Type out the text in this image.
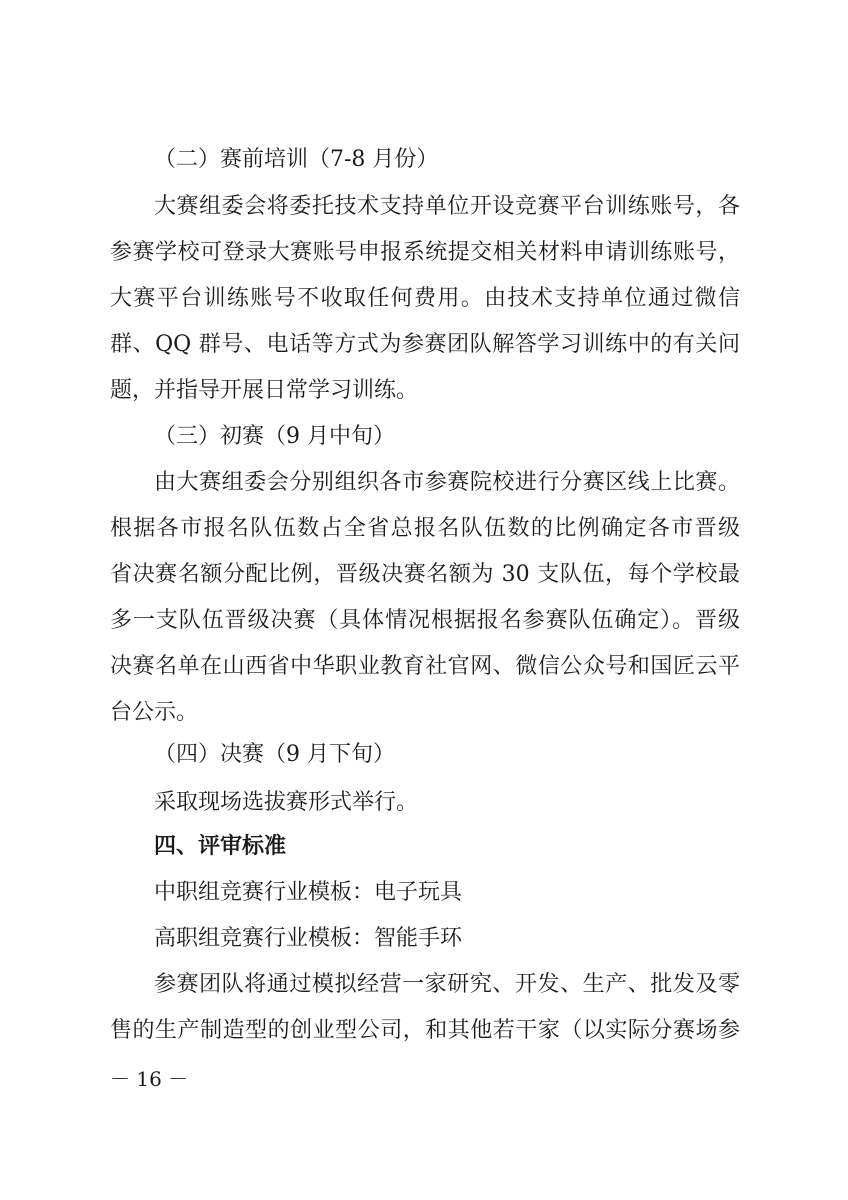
（二）赛前培训（7-8 月份）
大赛组委会将委托技术支持单位开设竞赛平台训练账号，各
参赛学校可登录大赛账号申报系统提交相关材料申请训练账号，
大赛平台训练账号不收取任何费用。由技术支持单位通过微信
群、QQ 群号、电话等方式为参赛团队解答学习训练中的有关问
题，并指导开展日常学习训练。
（三）初赛（9 月中旬）
由大赛组委会分别组织各市参赛院校进行分赛区线上比赛。
根据各市报名队伍数占全省总报名队伍数的比例确定各市晋级
省决赛名额分配比例，晋级决赛名额为 30 支队伍，每个学校最
多一支队伍晋级决赛（具体情况根据报名参赛队伍确定）。晋级
决赛名单在山西省中华职业教育社官网、微信公众号和国匠云平
台公示。
（四）决赛（9 月下旬）
采取现场选拔赛形式举行。
四、评审标准
中职组竞赛行业模板：电子玩具
高职组竞赛行业模板：智能手环
参赛团队将通过模拟经营一家研究、开发、生产、批发及零
售的生产制造型的创业型公司，和其他若干家（以实际分赛场参
－ 16 －
